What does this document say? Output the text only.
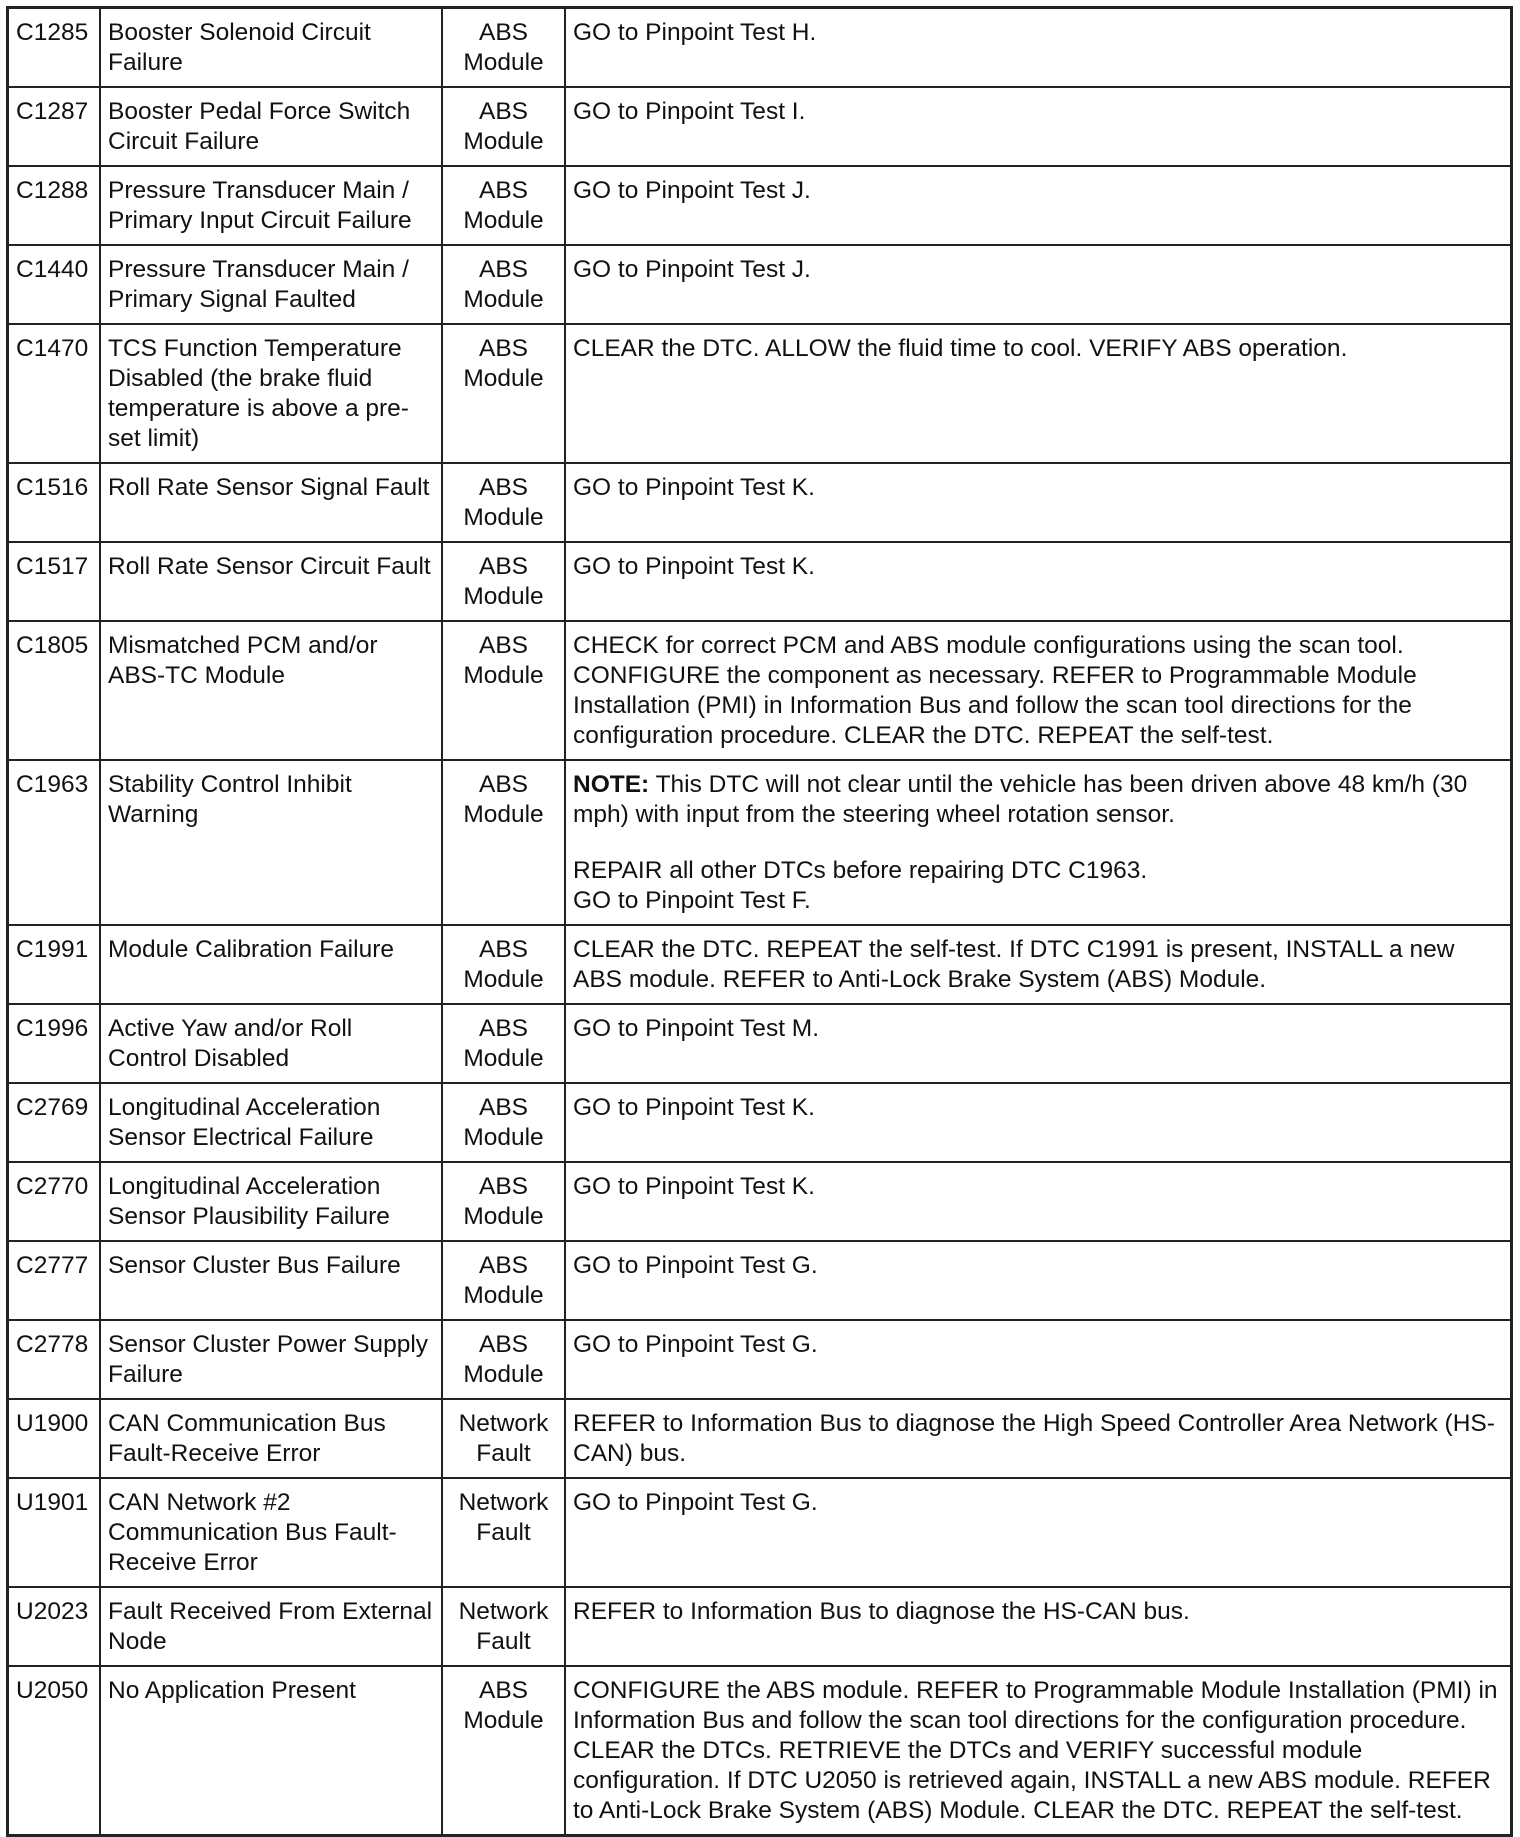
C1285	Booster Solenoid Circuit Failure	ABS
Module	GO to Pinpoint Test H.

C1287	Booster Pedal Force Switch Circuit Failure	ABS
Module	GO to Pinpoint Test I.

C1288	Pressure Transducer Main / Primary Input Circuit Failure	ABS
Module	GO to Pinpoint Test J.

C1440	Pressure Transducer Main / Primary Signal Faulted	ABS
Module	GO to Pinpoint Test J.

C1470	TCS Function Temperature Disabled (the brake fluid temperature is above a pre-set limit)	ABS
Module	CLEAR the DTC. ALLOW the fluid time to cool. VERIFY ABS operation.

C1516	Roll Rate Sensor Signal Fault	ABS
Module	GO to Pinpoint Test K.

C1517	Roll Rate Sensor Circuit Fault	ABS
Module	GO to Pinpoint Test K.

C1805	Mismatched PCM and/or ABS-TC Module	ABS
Module	CHECK for correct PCM and ABS module configurations using the scan tool. CONFIGURE the component as necessary. REFER to Programmable Module Installation (PMI) in Information Bus and follow the scan tool directions for the configuration procedure. CLEAR the DTC. REPEAT the self-test.

C1963	Stability Control Inhibit Warning	ABS
Module	NOTE: This DTC will not clear until the vehicle has been driven above 48 km/h (30 mph) with input from the steering wheel rotation sensor.
REPAIR all other DTCs before repairing DTC C1963.
GO to Pinpoint Test F.

C1991	Module Calibration Failure	ABS
Module	CLEAR the DTC. REPEAT the self-test. If DTC C1991 is present, INSTALL a new ABS module. REFER to Anti-Lock Brake System (ABS) Module.

C1996	Active Yaw and/or Roll Control Disabled	ABS
Module	GO to Pinpoint Test M.

C2769	Longitudinal Acceleration Sensor Electrical Failure	ABS
Module	GO to Pinpoint Test K.

C2770	Longitudinal Acceleration Sensor Plausibility Failure	ABS
Module	GO to Pinpoint Test K.

C2777	Sensor Cluster Bus Failure	ABS
Module	GO to Pinpoint Test G.

C2778	Sensor Cluster Power Supply Failure	ABS
Module	GO to Pinpoint Test G.

U1900	CAN Communication Bus Fault-Receive Error	Network
Fault	REFER to Information Bus to diagnose the High Speed Controller Area Network (HS-CAN) bus.

U1901	CAN Network #2 Communication Bus Fault-Receive Error	Network
Fault	GO to Pinpoint Test G.

U2023	Fault Received From External Node	Network
Fault	REFER to Information Bus to diagnose the HS-CAN bus.

U2050	No Application Present	ABS
Module	CONFIGURE the ABS module. REFER to Programmable Module Installation (PMI) in Information Bus and follow the scan tool directions for the configuration procedure. CLEAR the DTCs. RETRIEVE the DTCs and VERIFY successful module configuration. If DTC U2050 is retrieved again, INSTALL a new ABS module. REFER to Anti-Lock Brake System (ABS) Module. CLEAR the DTC. REPEAT the self-test.
